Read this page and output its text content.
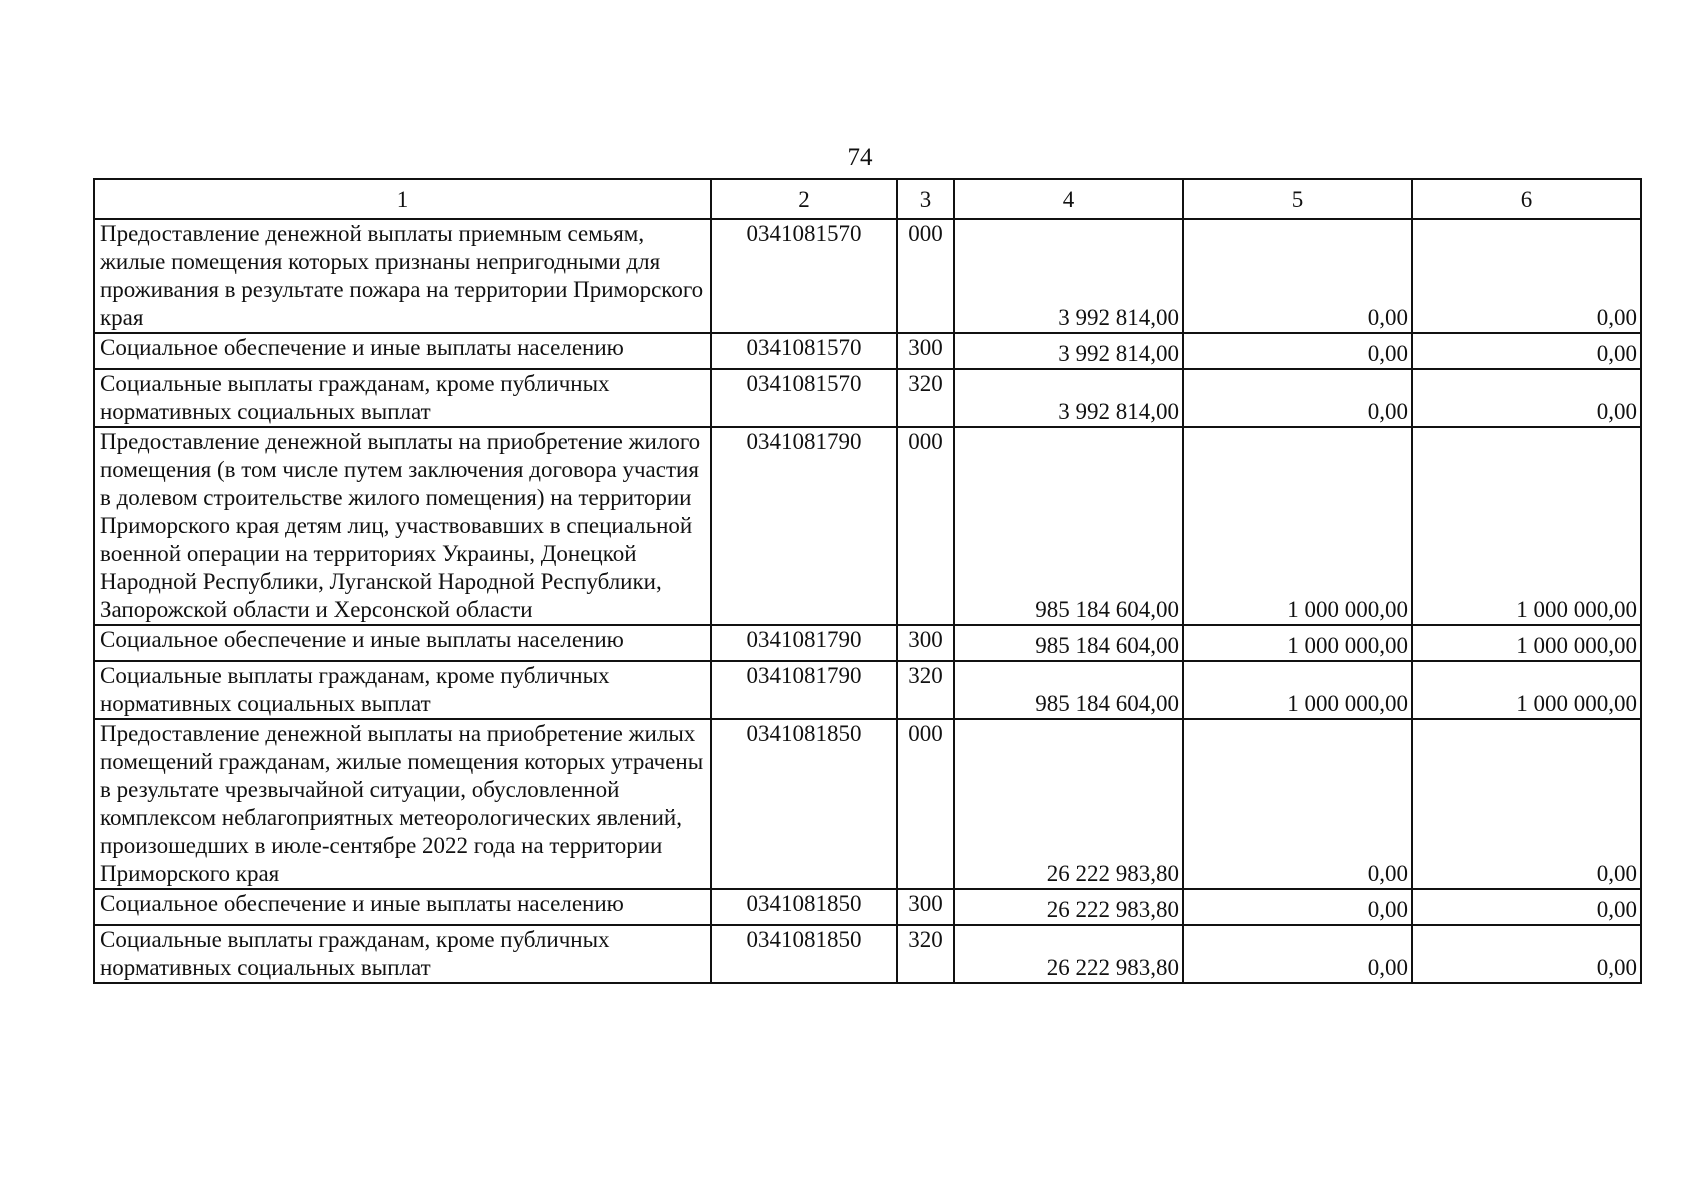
74
1	2	3	4	5	6
Предоставление денежной выплаты приемным семьям, жилые помещения которых признаны непригодными для проживания в результате пожара на территории Приморского края	0341081570	000	3 992 814,00	0,00	0,00
Социальное обеспечение и иные выплаты населению	0341081570	300	3 992 814,00	0,00	0,00
Социальные выплаты гражданам, кроме публичных нормативных социальных выплат	0341081570	320	3 992 814,00	0,00	0,00
Предоставление денежной выплаты на приобретение жилого помещения (в том числе путем заключения договора участия в долевом строительстве жилого помещения) на территории Приморского края детям лиц, участвовавших в специальной военной операции на территориях Украины, Донецкой Народной Республики, Луганской Народной Республики, Запорожской области и Херсонской области	0341081790	000	985 184 604,00	1 000 000,00	1 000 000,00
Социальное обеспечение и иные выплаты населению	0341081790	300	985 184 604,00	1 000 000,00	1 000 000,00
Социальные выплаты гражданам, кроме публичных нормативных социальных выплат	0341081790	320	985 184 604,00	1 000 000,00	1 000 000,00
Предоставление денежной выплаты на приобретение жилых помещений гражданам, жилые помещения которых утрачены в результате чрезвычайной ситуации, обусловленной комплексом неблагоприятных метеорологических явлений, произошедших в июле-сентябре 2022 года на территории Приморского края	0341081850	000	26 222 983,80	0,00	0,00
Социальное обеспечение и иные выплаты населению	0341081850	300	26 222 983,80	0,00	0,00
Социальные выплаты гражданам, кроме публичных нормативных социальных выплат	0341081850	320	26 222 983,80	0,00	0,00
